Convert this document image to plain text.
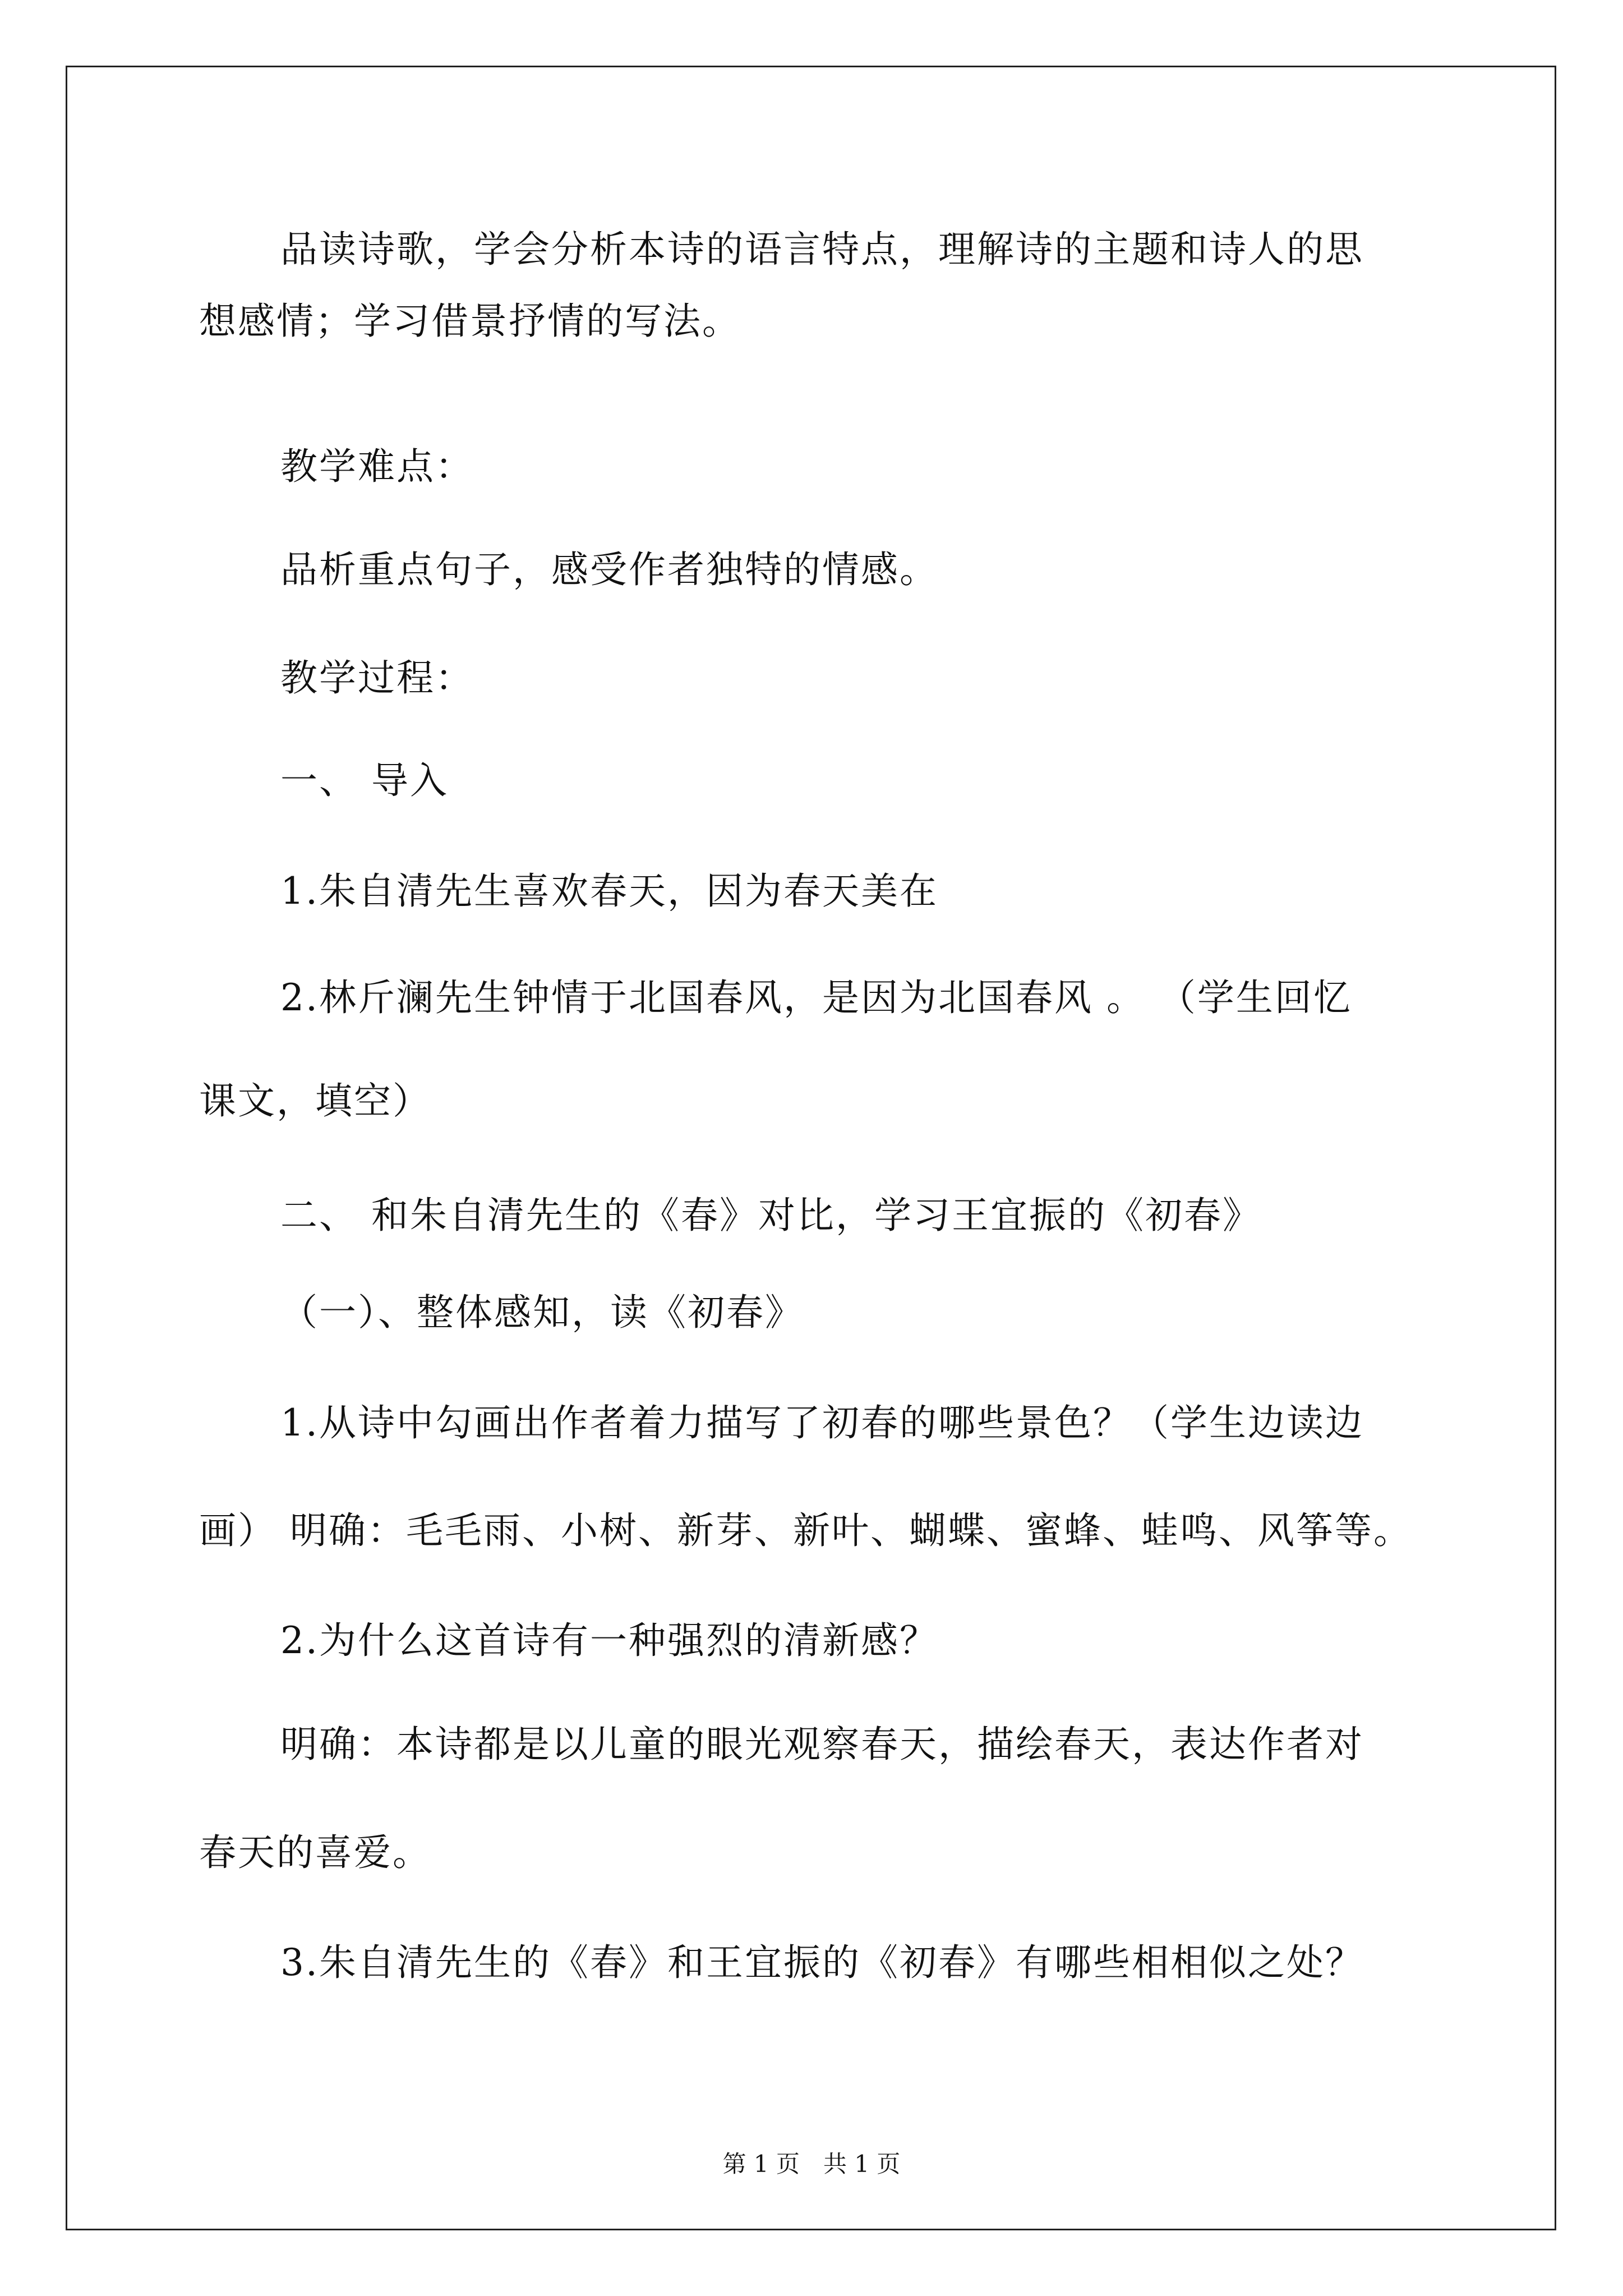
品读诗歌，学会分析本诗的语言特点，理解诗的主题和诗人的思
想感情；学习借景抒情的写法。
教学难点：
品析重点句子，感受作者独特的情感。
教学过程：
一、 导入
1.朱自清先生喜欢春天，因为春天美在
2.林斤澜先生钟情于北国春风，是因为北国春风 。 （学生回忆
课文，填空）
二、 和朱自清先生的《春》对比，学习王宜振的《初春》
（一）、整体感知，读《初春》
1.从诗中勾画出作者着力描写了初春的哪些景色？（学生边读边
画） 明确：毛毛雨、小树、新芽、新叶、蝴蝶、蜜蜂、蛙鸣、风筝等。
2.为什么这首诗有一种强烈的清新感？
明确：本诗都是以儿童的眼光观察春天，描绘春天，表达作者对
春天的喜爱。
3.朱自清先生的《春》和王宜振的《初春》有哪些相相似之处？
第 1 页　共 1 页
